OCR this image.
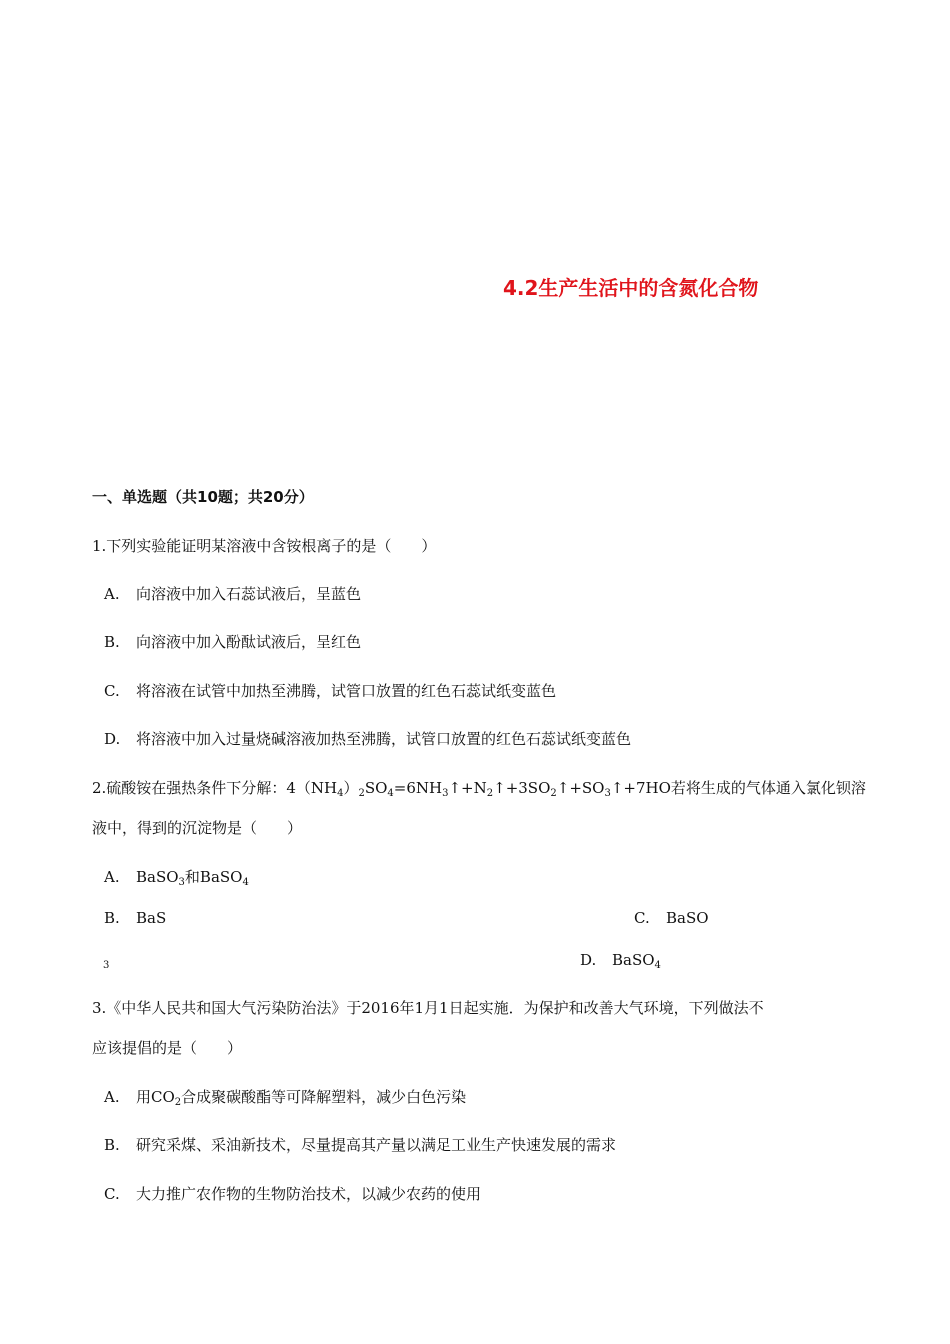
4.2生产生活中的含氮化合物
一、单选题（共10题；共20分）
1.下列实验能证明某溶液中含铵根离子的是（　　）
A. 向溶液中加入石蕊试液后，呈蓝色
B. 向溶液中加入酚酞试液后，呈红色
C. 将溶液在试管中加热至沸腾，试管口放置的红色石蕊试纸变蓝色
D. 将溶液中加入过量烧碱溶液加热至沸腾，试管口放置的红色石蕊试纸变蓝色
2.硫酸铵在强热条件下分解：$4(NH_4)_2SO_4=6NH_3↑+N_2↑+3SO_2↑+SO_3↑+7HO$若将生成的气体通入氯化钡溶
液中，得到的沉淀物是（　　）
A. BaSO$_3$和BaSO$_4$
B. BaS	C. BaSO
3	D. BaSO$_4$
3.《中华人民共和国大气污染防治法》于2016年1月1日起实施．为保护和改善大气环境，下列做法不
应该提倡的是（　　）
A. 用$CO_2$合成聚碳酸酯等可降解塑料，减少白色污染
B. 研究采煤、采油新技术，尽量提高其产量以满足工业生产快速发展的需求
C. 大力推广农作物的生物防治技术，以减少农药的使用
